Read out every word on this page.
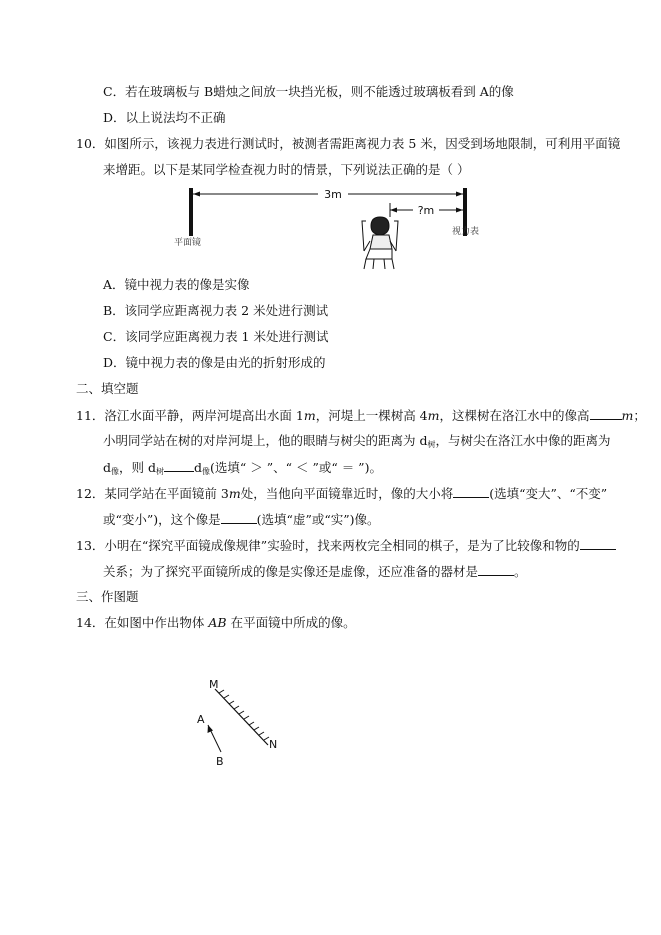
C．若在玻璃板与 B蜡烛之间放一块挡光板，则不能透过玻璃板看到 A的像
D．以上说法均不正确
10．如图所示，该视力表进行测试时，被测者需距离视力表 5 米，因受到场地限制，可利用平面镜
来增距。以下是某同学检查视力时的情景，下列说法正确的是（ ）
3m
?m
平面镜
视力表
A．镜中视力表的像是实像
B．该同学应距离视力表 2 米处进行测试
C．该同学应距离视力表 1 米处进行测试
D．镜中视力表的像是由光的折射形成的
二、填空题
11．洛江水面平静，两岸河堤高出水面 1m，河堤上一棵树高 4m，这棵树在洛江水中的像高	m；
小明同学站在树的对岸河堤上，他的眼睛与树尖的距离为 $d_树$，与树尖在洛江水中像的距离为
$d_像$，则 $d_树$ $d_像$(选填“ ＞ ”、“ ＜ ”或“ ＝ ”)。
12．某同学站在平面镜前 3m处，当他向平面镜靠近时，像的大小将	(选填“变大”、“不变”
或“变小”)，这个像是	(选填“虚”或“实”)像。
13．小明在“探究平面镜成像规律”实验时，找来两枚完全相同的棋子，是为了比较像和物的
关系；为了探究平面镜所成的像是实像还是虚像，还应准备的器材是	。
三、作图题
14．在如图中作出物体 AB 在平面镜中所成的像。
M
N
A
B
